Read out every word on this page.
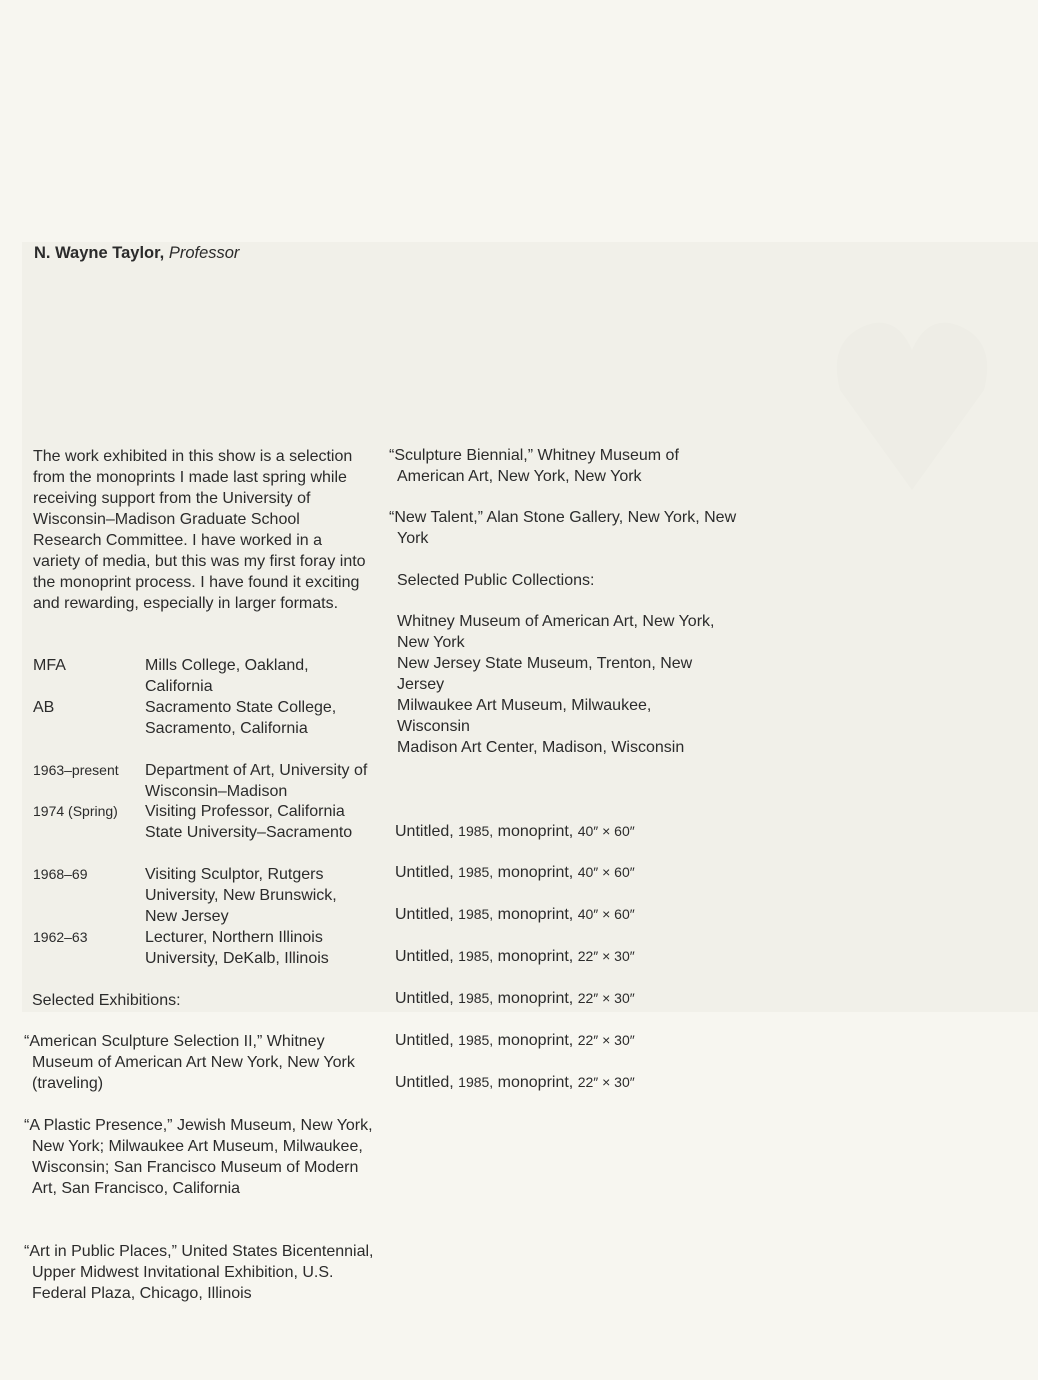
N. Wayne Taylor, Professor
The work exhibited in this show is a selection from the monoprints I made last spring while receiving support from the University of Wisconsin–Madison Graduate School Research Committee. I have worked in a variety of media, but this was my first foray into the monoprint process. I have found it exciting and rewarding, especially in larger formats.
MFA	Mills College, Oakland, California
AB	Sacramento State College, Sacramento, California
1963–present Department of Art, University of Wisconsin–Madison
1974 (Spring) Visiting Professor, California State University–Sacramento
1968–69	Visiting Sculptor, Rutgers University, New Brunswick, New Jersey
1962–63	Lecturer, Northern Illinois University, DeKalb, Illinois
Selected Exhibitions:
“American Sculpture Selection II,” Whitney Museum of American Art New York, New York (traveling)
“A Plastic Presence,” Jewish Museum, New York, New York; Milwaukee Art Museum, Milwaukee, Wisconsin; San Francisco Museum of Modern Art, San Francisco, California
“Art in Public Places,” United States Bicentennial, Upper Midwest Invitational Exhibition, U.S. Federal Plaza, Chicago, Illinois
“Sculpture Biennial,” Whitney Museum of American Art, New York, New York
“New Talent,” Alan Stone Gallery, New York, New York
Selected Public Collections:
Whitney Museum of American Art, New York, New York
New Jersey State Museum, Trenton, New Jersey
Milwaukee Art Museum, Milwaukee, Wisconsin
Madison Art Center, Madison, Wisconsin
Untitled, 1985, monoprint, 40″ × 60″
Untitled, 1985, monoprint, 40″ × 60″
Untitled, 1985, monoprint, 40″ × 60″
Untitled, 1985, monoprint, 22″ × 30″
Untitled, 1985, monoprint, 22″ × 30″
Untitled, 1985, monoprint, 22″ × 30″
Untitled, 1985, monoprint, 22″ × 30″
